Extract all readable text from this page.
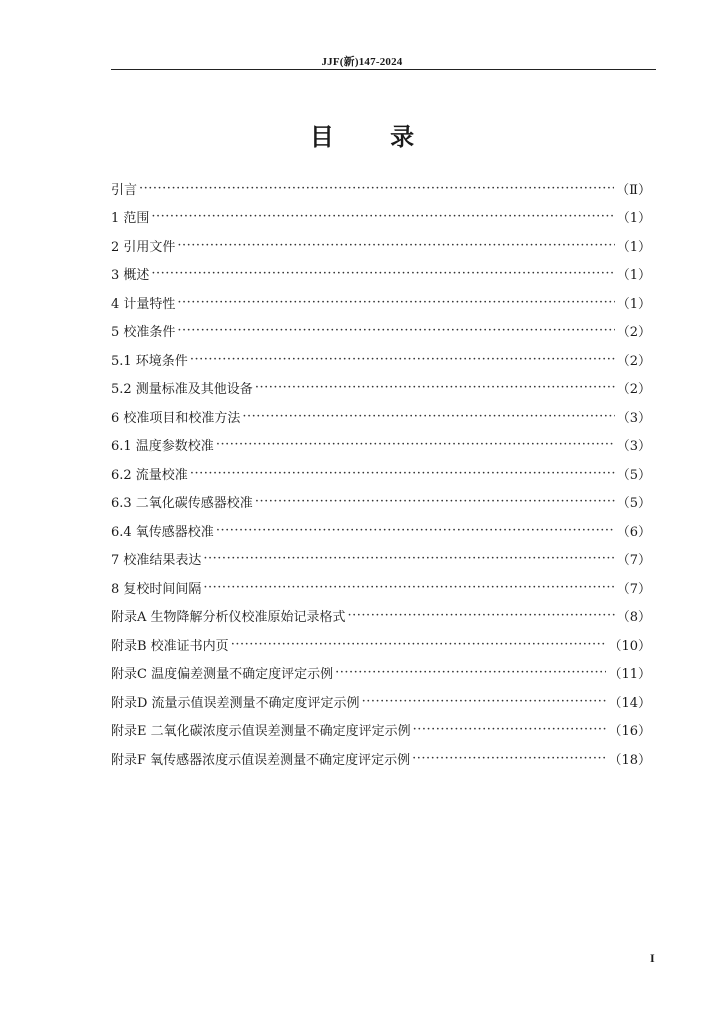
JJF(新)147-2024
目 录
引言 ·····	（Ⅱ）
1 范围 ·····	（1）
2 引用文件 ·····	（1）
3 概述 ·····	（1）
4 计量特性 ·····	（1）
5 校准条件 ·····	（2）
5.1 环境条件 ·····	（2）
5.2 测量标准及其他设备 ·····	（2）
6 校准项目和校准方法 ·····	（3）
6.1 温度参数校准 ·····	（3）
6.2 流量校准 ·····	（5）
6.3 二氧化碳传感器校准 ·····	（5）
6.4 氧传感器校准 ·····	（6）
7 校准结果表达 ·····	（7）
8 复校时间间隔 ·····	（7）
附录A 生物降解分析仪校准原始记录格式 ·····	（8）
附录B 校准证书内页 ·····	（10）
附录C 温度偏差测量不确定度评定示例 ·····	（11）
附录D 流量示值误差测量不确定度评定示例 ·····	（14）
附录E 二氧化碳浓度示值误差测量不确定度评定示例 ·····	（16）
附录F 氧传感器浓度示值误差测量不确定度评定示例 ·····	（18）
I
